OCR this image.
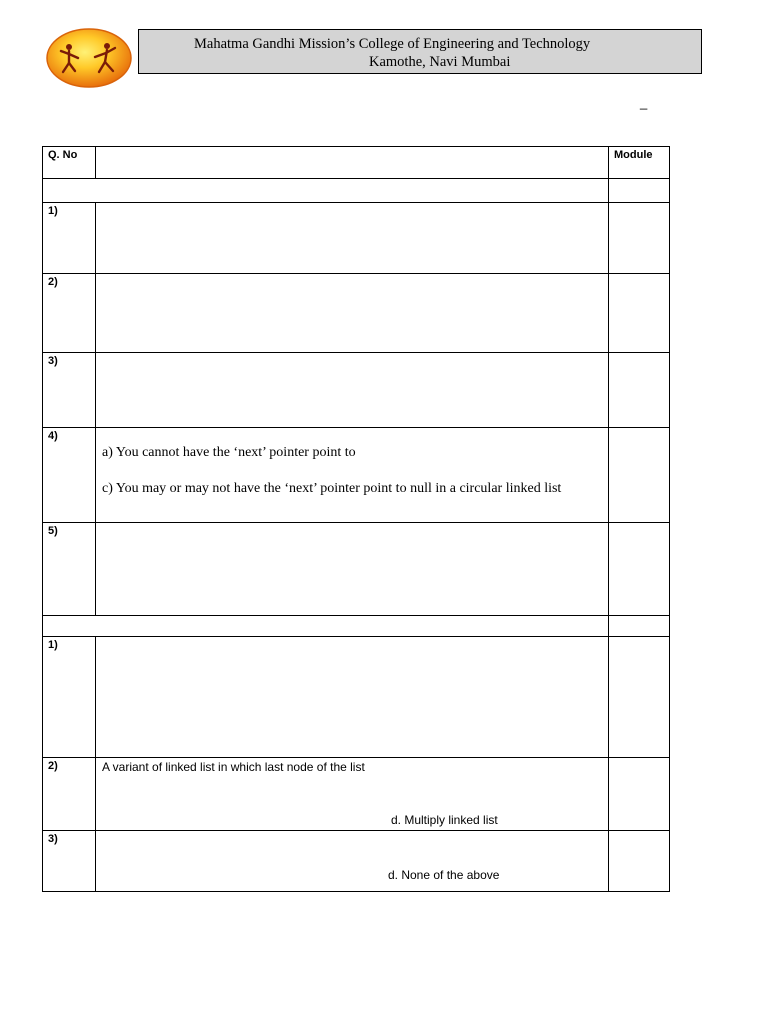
Mahatma Gandhi Mission’s College of Engineering and Technology
Kamothe, Navi Mumbai
_
Q. No		Module

1)		

2)		

3)		

4)	a) You cannot have the ‘next’ pointer point to
c) You may or may not have the ‘next’ pointer point to null in a circular linked list	

5)		

1)		

2)	A variant of linked list in which last node of the list
d. Multiply linked list	

3)	d. None of the above	
